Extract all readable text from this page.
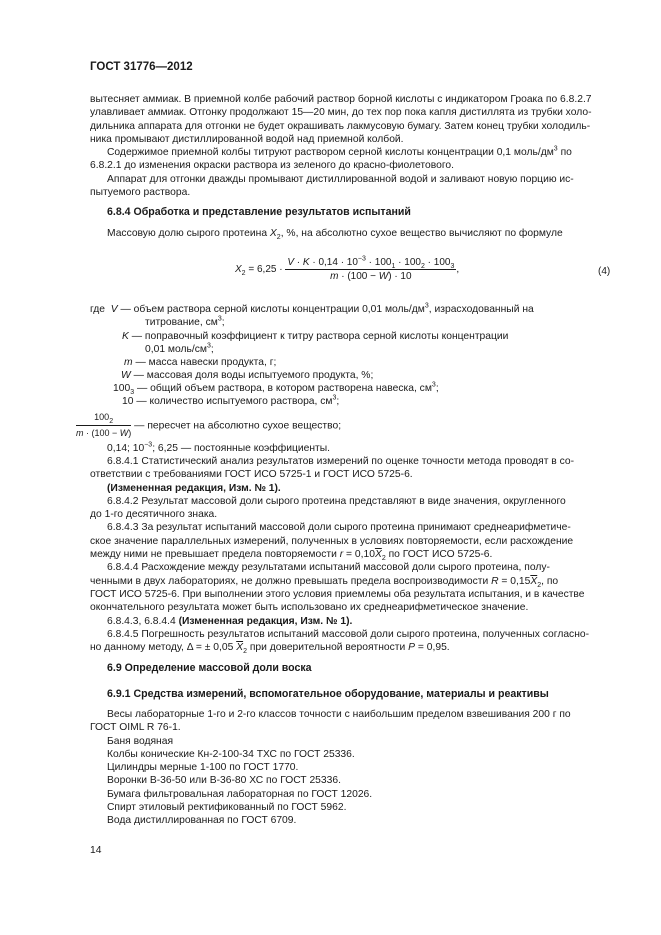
ГОСТ 31776—2012

вытесняет аммиак. В приемной колбе рабочий раствор борной кислоты с индикатором Гроака по 6.8.2.7

улавливает аммиак. Отгонку продолжают 15—20 мин, до тех пор пока капля дистиллята из трубки холо-

дильника аппарата для отгонки не будет окрашивать лакмусовую бумагу. Затем конец трубки холодиль-

ника промывают дистиллированной водой над приемной колбой.

Содержимое приемной колбы титруют раствором серной кислоты концентрации 0,1 моль/$дм^3$ по

6.8.2.1 до изменения окраски раствора из зеленого до красно-фиолетового.

Аппарат для отгонки дважды промывают дистиллированной водой и заливают новую порцию ис-

пытуемого раствора.

6.8.4 Обработка и представление результатов испытаний
Массовую долю сырого протеина $X_2$, %, на абсолютно сухое вещество вычисляют по формуле
$X_2 = 6,25 \cdot \frac{V \cdot K \cdot 0,14 \cdot 10^{-3} \cdot 100_1 \cdot 100_2 \cdot 100_3}{m \cdot (100 - W) \cdot 10}$ ,	(4)
где V — объем раствора серной кислоты концентрации 0,01 моль/$дм^3$, израсходованный на
титрование, $см^3$;
K — поправочный коэффициент к титру раствора серной кислоты концентрации
0,01 моль/$см^3$;
m — масса навески продукта, г;
W — массовая доля воды испытуемого продукта, %;
$100_3$ — общий объем раствора, в котором растворена навеска, $см^3$;
10 — количество испытуемого раствора, $см^3$;
$\frac{100_2}{m \cdot (100 - W)}$ — пересчет на абсолютно сухое вещество;
0,14; $10^{-3}$; 6,25 — постоянные коэффициенты.

6.8.4.1 Статистический анализ результатов измерений по оценке точности метода проводят в со-

ответствии с требованиями ГОСТ ИСО 5725-1 и ГОСТ ИСО 5725-6.

(Измененная редакция, Изм. № 1).

6.8.4.2 Результат массовой доли сырого протеина представляют в виде значения, округленного

до 1-го десятичного знака.

6.8.4.3 За результат испытаний массовой доли сырого протеина принимают среднеарифметиче-

ское значение параллельных измерений, полученных в условиях повторяемости, если расхождение

между ними не превышает предела повторяемости $r = 0,10\overline{X}_2$ по ГОСТ ИСО 5725-6.

6.8.4.4 Расхождение между результатами испытаний массовой доли сырого протеина, полу-

ченными в двух лабораториях, не должно превышать предела воспроизводимости $R = 0,15\overline{X}_2$, по

ГОСТ ИСО 5725-6. При выполнении этого условия приемлемы оба результата испытания, и в качестве

окончательного результата может быть использовано их среднеарифметическое значение.

6.8.4.3, 6.8.4.4 (Измененная редакция, Изм. № 1).

6.8.4.5 Погрешность результатов испытаний массовой доли сырого протеина, полученных согласно-

но данному методу, Δ = ± 0,05 $\overline{X}_2$ при доверительной вероятности P = 0,95.

6.9 Определение массовой доли воска
6.9.1 Средства измерений, вспомогательное оборудование, материалы и реактивы

Весы лабораторные 1-го и 2-го классов точности с наибольшим пределом взвешивания 200 г по

ГОСТ OIML R 76-1.

Баня водяная

Колбы конические Кн-2-100-34 ТХС по ГОСТ 25336.

Цилиндры мерные 1-100 по ГОСТ 1770.

Воронки В-36-50 или В-36-80 ХС по ГОСТ 25336.

Бумага фильтровальная лабораторная по ГОСТ 12026.

Спирт этиловый ректификованный по ГОСТ 5962.

Вода дистиллированная по ГОСТ 6709.

14
